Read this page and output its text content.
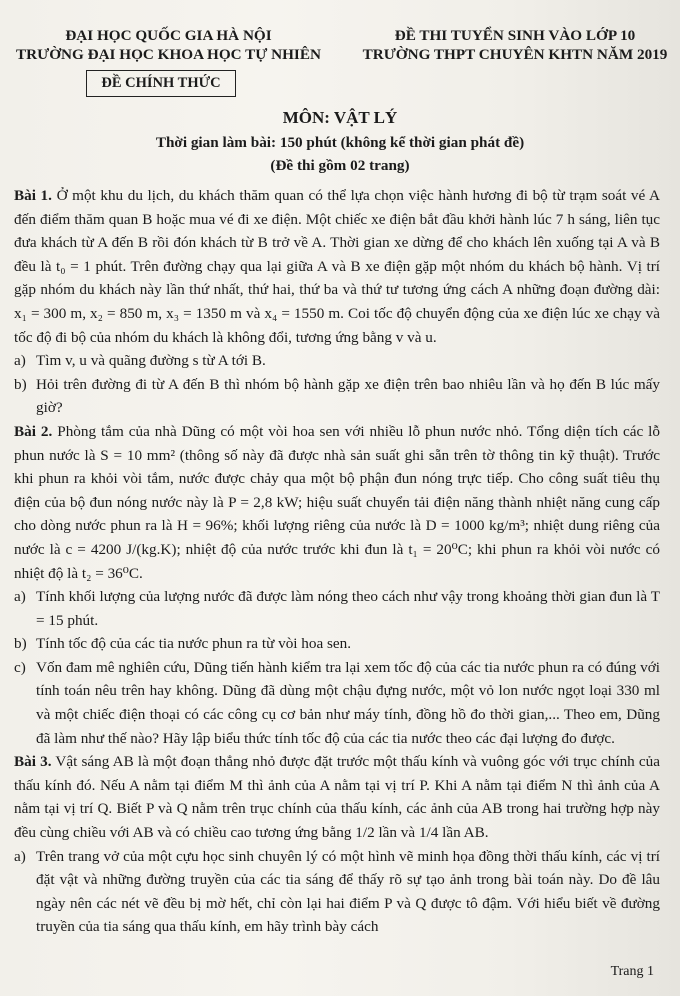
ĐẠI HỌC QUỐC GIA HÀ NỘI
TRƯỜNG ĐẠI HỌC KHOA HỌC TỰ NHIÊN
ĐỀ THI TUYỂN SINH VÀO LỚP 10
TRƯỜNG THPT CHUYÊN KHTN NĂM 2019
ĐỀ CHÍNH THỨC
MÔN: VẬT LÝ
Thời gian làm bài: 150 phút (không kể thời gian phát đề)
(Đề thi gồm 02 trang)

Bài 1. Ở một khu du lịch, du khách thăm quan có thể lựa chọn việc hành hương đi bộ từ trạm soát vé A đến điểm thăm quan B hoặc mua vé đi xe điện. Một chiếc xe điện bắt đầu khởi hành lúc 7 h sáng, liên tục đưa khách từ A đến B rồi đón khách từ B trở về A. Thời gian xe dừng để cho khách lên xuống tại A và B đều là t₀ = 1 phút. Trên đường chạy qua lại giữa A và B xe điện gặp một nhóm du khách bộ hành. Vị trí gặp nhóm du khách này lần thứ nhất, thứ hai, thứ ba và thứ tư tương ứng cách A những đoạn đường dài: x₁ = 300 m, x₂ = 850 m, x₃ = 1350 m và x₄ = 1550 m. Coi tốc độ chuyển động của xe điện lúc xe chạy và tốc độ đi bộ của nhóm du khách là không đổi, tương ứng bằng v và u.

a) Tìm v, u và quãng đường s từ A tới B.
b) Hỏi trên đường đi từ A đến B thì nhóm bộ hành gặp xe điện trên bao nhiêu lần và họ đến B lúc mấy giờ?

Bài 2. Phòng tắm của nhà Dũng có một vòi hoa sen với nhiều lỗ phun nước nhỏ. Tổng diện tích các lỗ phun nước là S = 10 mm² (thông số này đã được nhà sản suất ghi sẵn trên tờ thông tin kỹ thuật). Trước khi phun ra khỏi vòi tắm, nước được chảy qua một bộ phận đun nóng trực tiếp. Cho công suất tiêu thụ điện của bộ đun nóng nước này là P = 2,8 kW; hiệu suất chuyển tải điện năng thành nhiệt năng cung cấp cho dòng nước phun ra là H = 96%; khối lượng riêng của nước là D = 1000 kg/m³; nhiệt dung riêng của nước là c = 4200 J/(kg.K); nhiệt độ của nước trước khi đun là t₁ = 20⁰C; khi phun ra khỏi vòi nước có nhiệt độ là t₂ = 36⁰C.

a) Tính khối lượng của lượng nước đã được làm nóng theo cách như vậy trong khoảng thời gian đun là T = 15 phút.
b) Tính tốc độ của các tia nước phun ra từ vòi hoa sen.
c) Vốn đam mê nghiên cứu, Dũng tiến hành kiểm tra lại xem tốc độ của các tia nước phun ra có đúng với tính toán nêu trên hay không. Dũng đã dùng một chậu đựng nước, một vỏ lon nước ngọt loại 330 ml và một chiếc điện thoại có các công cụ cơ bản như máy tính, đồng hồ đo thời gian,... Theo em, Dũng đã làm như thế nào? Hãy lập biểu thức tính tốc độ của các tia nước theo các đại lượng đo được.

Bài 3. Vật sáng AB là một đoạn thẳng nhỏ được đặt trước một thấu kính và vuông góc với trục chính của thấu kính đó. Nếu A nằm tại điểm M thì ảnh của A nằm tại vị trí P. Khi A nằm tại điểm N thì ảnh của A nằm tại vị trí Q. Biết P và Q nằm trên trục chính của thấu kính, các ảnh của AB trong hai trường hợp này đều cùng chiều với AB và có chiều cao tương ứng bằng 1/2 lần và 1/4 lần AB.

a) Trên trang vở của một cựu học sinh chuyên lý có một hình vẽ minh họa đồng thời thấu kính, các vị trí đặt vật và những đường truyền của các tia sáng để thấy rõ sự tạo ảnh trong bài toán này. Do đề lâu ngày nên các nét vẽ đều bị mờ hết, chỉ còn lại hai điểm P và Q được tô đậm. Với hiểu biết về đường truyền của tia sáng qua thấu kính, em hãy trình bày cách
Trang 1
